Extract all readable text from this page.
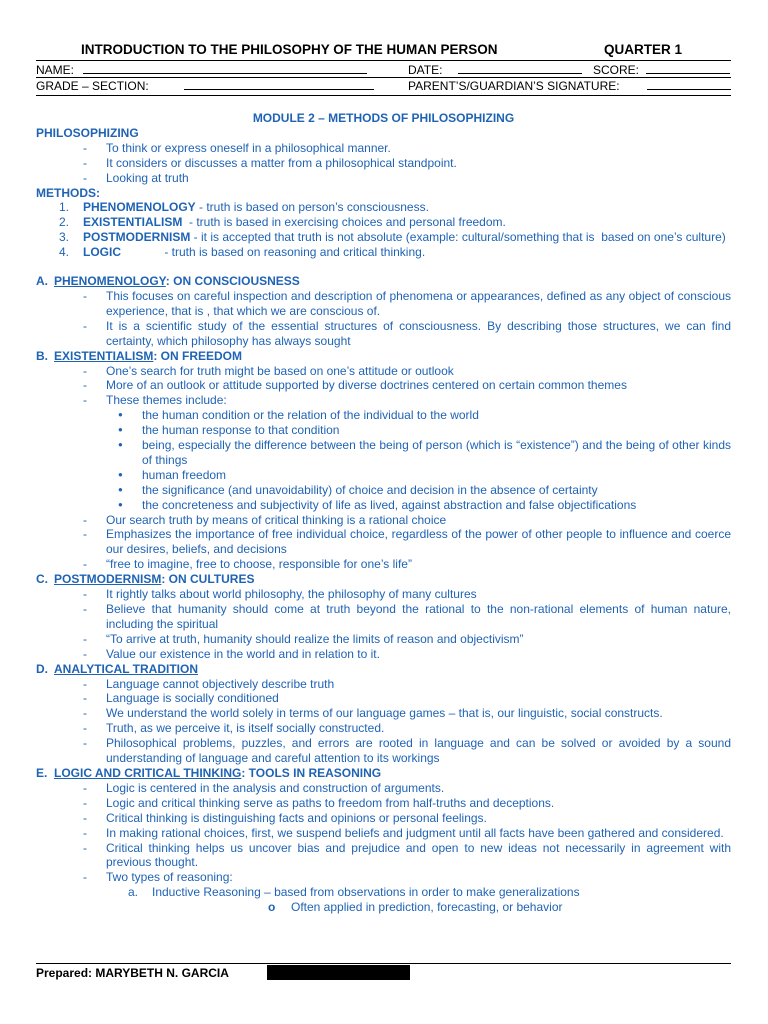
INTRODUCTION TO THE PHILOSOPHY OF THE HUMAN PERSON	QUARTER 1
NAME:	DATE:	SCORE:
GRADE – SECTION:	PARENT’S/GUARDIAN’S SIGNATURE:
MODULE 2 – METHODS OF PHILOSOPHIZING
PHILOSOPHIZING
- To think or express oneself in a philosophical manner.
- It considers or discusses a matter from a philosophical standpoint.
- Looking at truth
METHODS:
1. PHENOMENOLOGY - truth is based on person’s consciousness.
2. EXISTENTIALISM  - truth is based in exercising choices and personal freedom.
3. POSTMODERNISM - it is accepted that truth is not absolute (example: cultural/something that is  based on one’s culture)
4. LOGIC             - truth is based on reasoning and critical thinking.
A. PHENOMENOLOGY: ON CONSCIOUSNESS
- This focuses on careful inspection and description of phenomena or appearances, defined as any object of conscious experience, that is , that which we are conscious of.
- It is a scientific study of the essential structures of consciousness. By describing those structures, we can find certainty, which philosophy has always sought
B. EXISTENTIALISM: ON FREEDOM
- One’s search for truth might be based on one’s attitude or outlook
- More of an outlook or attitude supported by diverse doctrines centered on certain common themes
- These themes include:
● the human condition or the relation of the individual to the world
● the human response to that condition
● being, especially the difference between the being of person (which is “existence”) and the being of other kinds of things
● human freedom
● the significance (and unavoidability) of choice and decision in the absence of certainty
● the concreteness and subjectivity of life as lived, against abstraction and false objectifications
- Our search truth by means of critical thinking is a rational choice
- Emphasizes the importance of free individual choice, regardless of the power of other people to influence and coerce our desires, beliefs, and decisions
- “free to imagine, free to choose, responsible for one’s life”
C. POSTMODERNISM: ON CULTURES
- It rightly talks about world philosophy, the philosophy of many cultures
- Believe that humanity should come at truth beyond the rational to the non-rational elements of human nature, including the spiritual
- “To arrive at truth, humanity should realize the limits of reason and objectivism”
- Value our existence in the world and in relation to it.
D. ANALYTICAL TRADITION
- Language cannot objectively describe truth
- Language is socially conditioned
- We understand the world solely in terms of our language games – that is, our linguistic, social constructs.
- Truth, as we perceive it, is itself socially constructed.
- Philosophical problems, puzzles, and errors are rooted in language and can be solved or avoided by a sound understanding of language and careful attention to its workings
E. LOGIC AND CRITICAL THINKING: TOOLS IN REASONING
- Logic is centered in the analysis and construction of arguments.
- Logic and critical thinking serve as paths to freedom from half-truths and deceptions.
- Critical thinking is distinguishing facts and opinions or personal feelings.
- In making rational choices, first, we suspend beliefs and judgment until all facts have been gathered and considered.
- Critical thinking helps us uncover bias and prejudice and open to new ideas not necessarily in agreement with previous thought.
- Two types of reasoning:
a. Inductive Reasoning – based from observations in order to make generalizations
o Often applied in prediction, forecasting, or behavior
Prepared: MARYBETH N. GARCIA
